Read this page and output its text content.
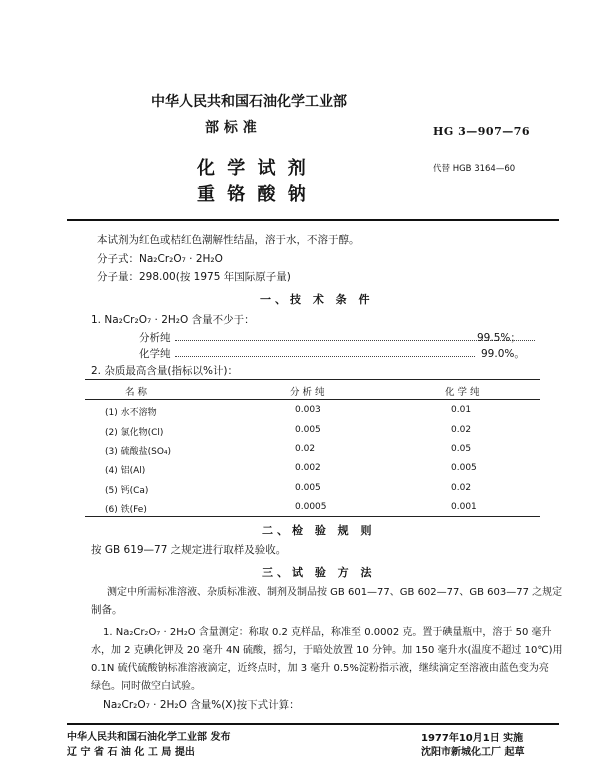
中华人民共和国石油化学工业部
部 标 准	HG 3—907—76
化 学 试 剂
重 铬 酸 钠
代替 HGB 3164—60
本试剂为红色或桔红色潮解性结晶，溶于水，不溶于醇。
分子式：Na₂Cr₂O₇ · 2H₂O
分子量：298.00(按 1975 年国际原子量)
一、技 术 条 件
1. Na₂Cr₂O₇ · 2H₂O 含量不少于：
分析纯	99.5%；
化学纯	99.0%。
2. 杂质最高含量(指标以%计)：
名 称	分 析 纯	化 学 纯
(1) 水不溶物	0.003	0.01
(2) 氯化物(Cl)	0.005	0.02
(3) 硫酸盐(SO₄)	0.02	0.05
(4) 铝(Al)	0.002	0.005
(5) 钙(Ca)	0.005	0.02
(6) 铁(Fe)	0.0005	0.001
二、检 验 规 则
按 GB 619—77 之规定进行取样及验收。
三、试 验 方 法
测定中所需标准溶液、杂质标准液、制剂及制品按 GB 601—77、GB 602—77、GB 603—77 之规定
制备。
1. Na₂Cr₂O₇ · 2H₂O 含量测定：称取 0.2 克样品，称准至 0.0002 克。置于碘量瓶中，溶于 50 毫升
水，加 2 克碘化钾及 20 毫升 4N 硫酸，摇匀，于暗处放置 10 分钟。加 150 毫升水(温度不超过 10℃)用
0.1N 硫代硫酸钠标准溶液滴定，近终点时，加 3 毫升 0.5%淀粉指示液，继续滴定至溶液由蓝色变为亮
绿色。同时做空白试验。
Na₂Cr₂O₇ · 2H₂O 含量%(X)按下式计算：
中华人民共和国石油化学工业部 发布
辽 宁 省 石 油 化 工 局 提出
1977年10月1日 实施
沈阳市新城化工厂 起草
